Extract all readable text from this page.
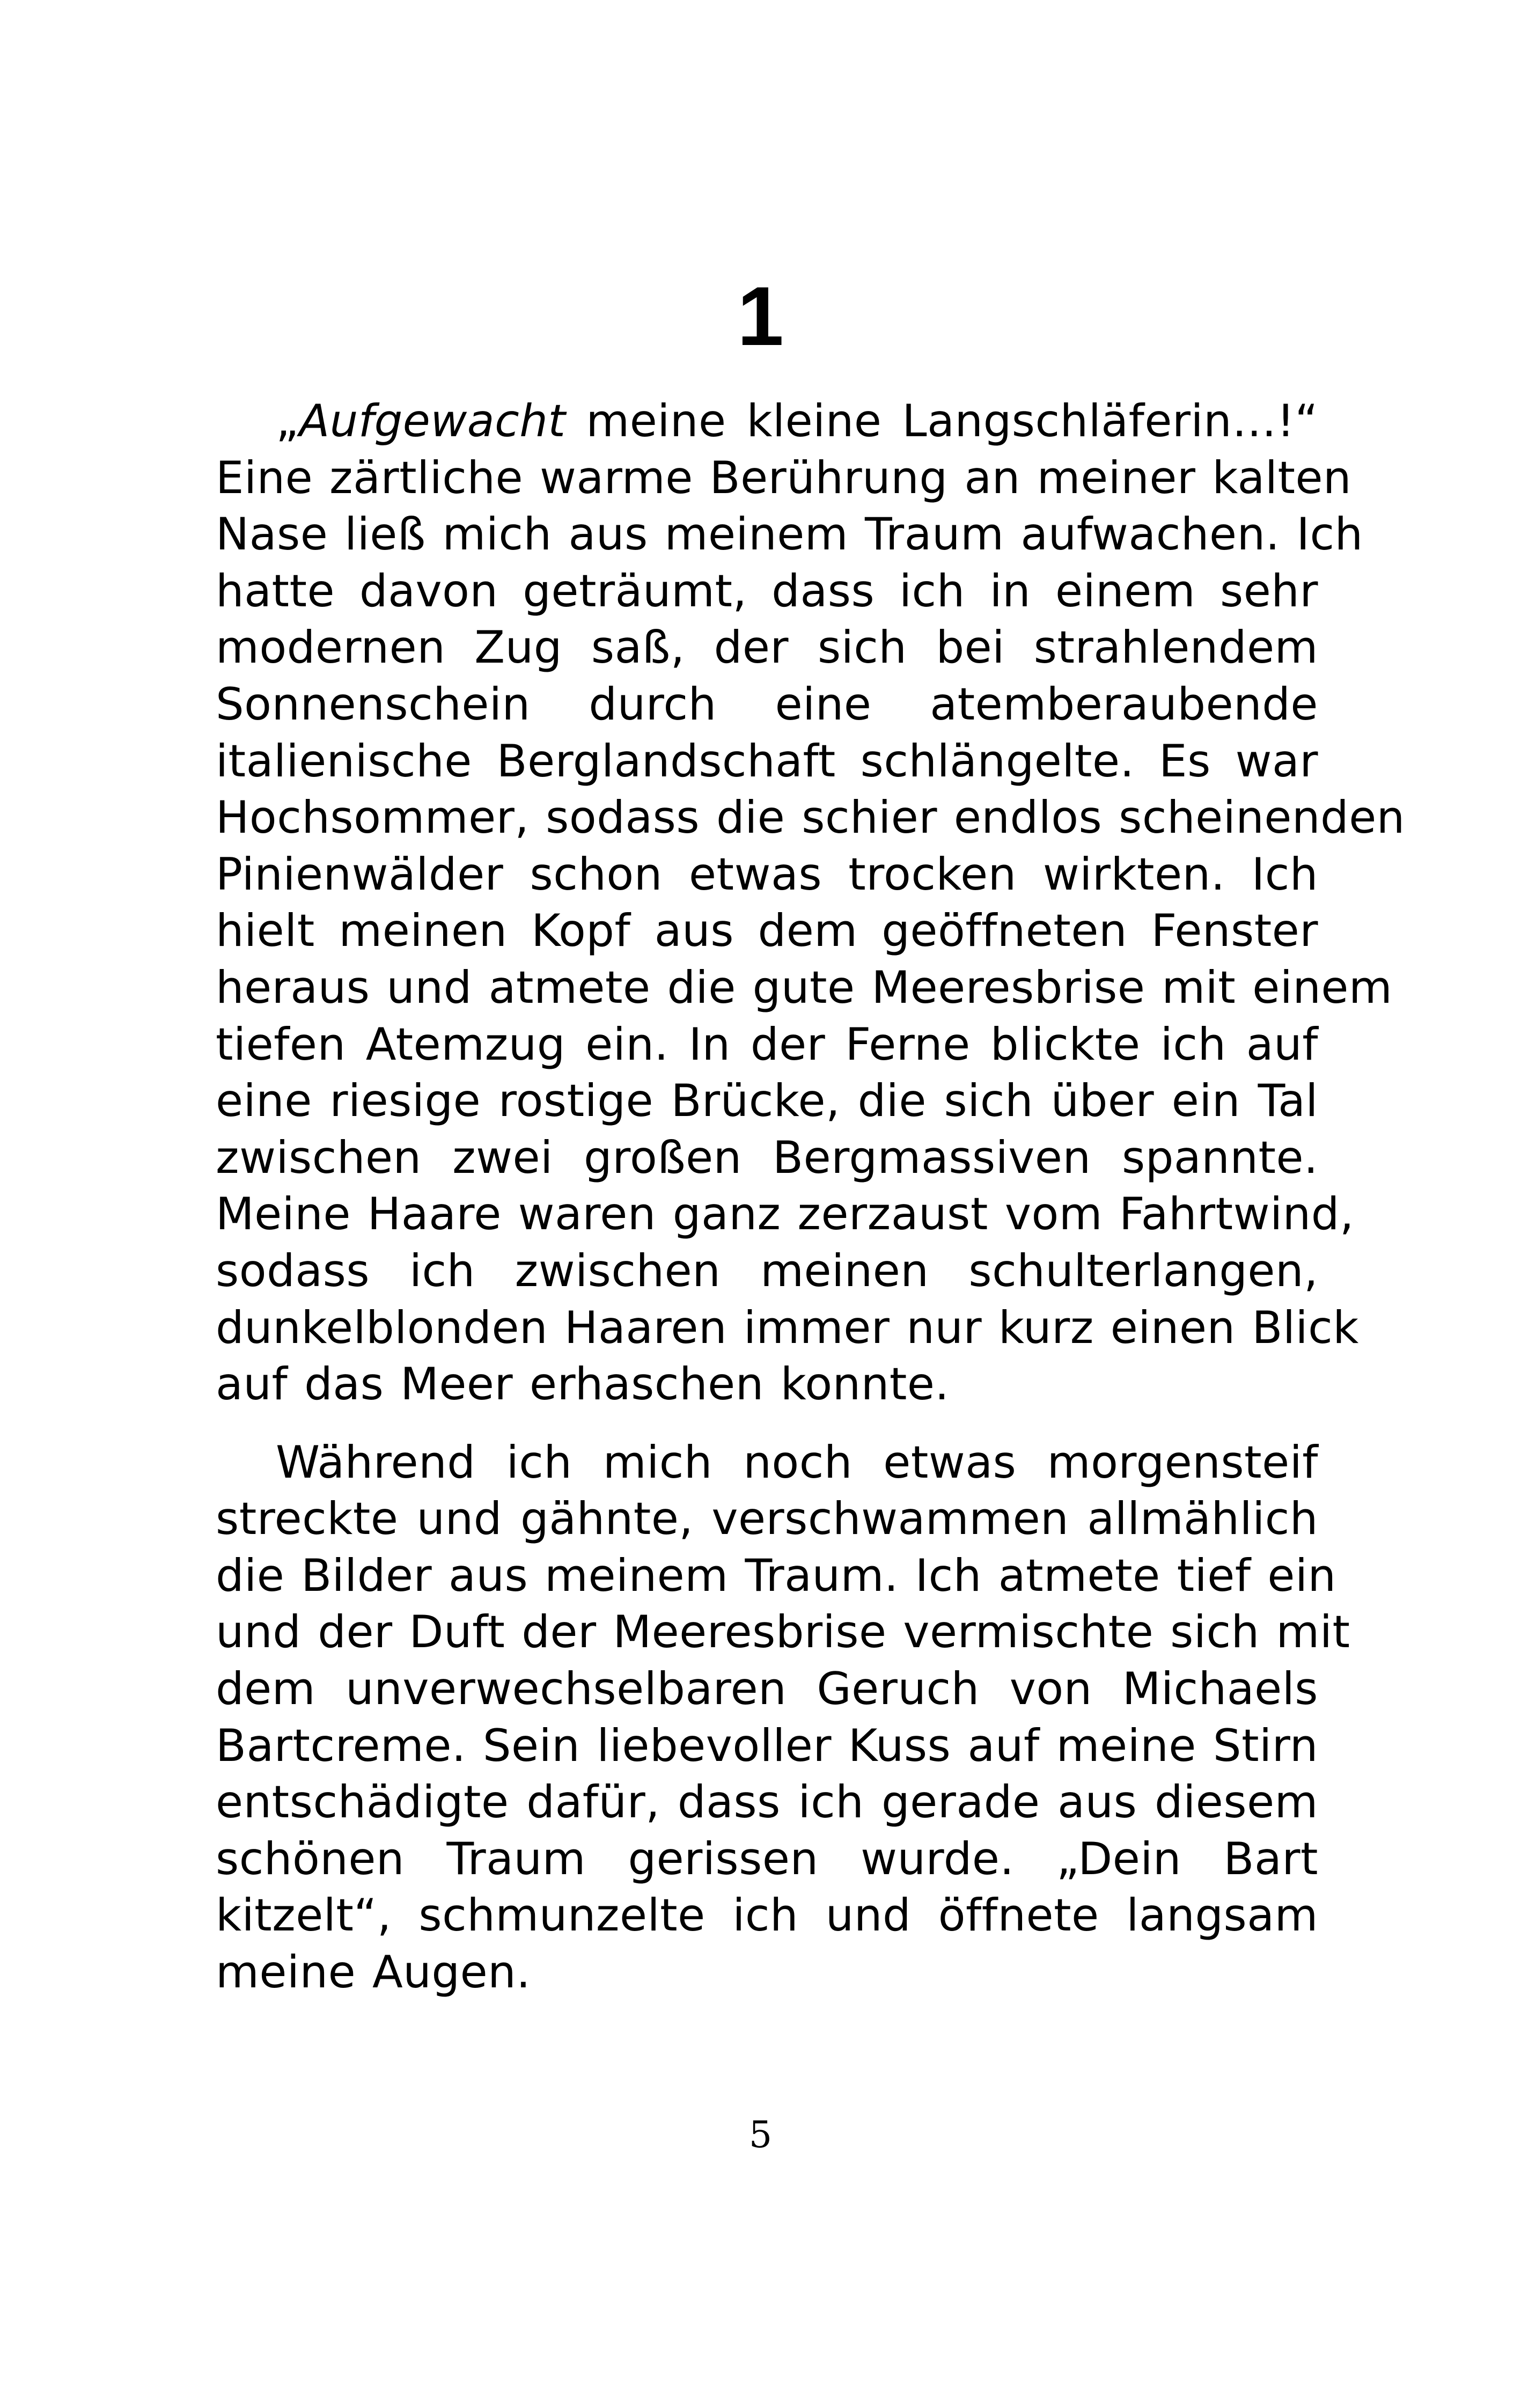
1

„Aufgewacht meine kleine Langschläferin…!“
Eine zärtliche warme Berührung an meiner kalten
Nase ließ mich aus meinem Traum aufwachen. Ich
hatte davon geträumt, dass ich in einem sehr
modernen Zug saß, der sich bei strahlendem
Sonnenschein durch eine atemberaubende
italienische Berglandschaft schlängelte. Es war
Hochsommer, sodass die schier endlos scheinenden
Pinienwälder schon etwas trocken wirkten. Ich
hielt meinen Kopf aus dem geöffneten Fenster
heraus und atmete die gute Meeresbrise mit einem
tiefen Atemzug ein. In der Ferne blickte ich auf
eine riesige rostige Brücke, die sich über ein Tal
zwischen zwei großen Bergmassiven spannte.
Meine Haare waren ganz zerzaust vom Fahrtwind,
sodass ich zwischen meinen schulterlangen,
dunkelblonden Haaren immer nur kurz einen Blick
auf das Meer erhaschen konnte.

Während ich mich noch etwas morgensteif
streckte und gähnte, verschwammen allmählich
die Bilder aus meinem Traum. Ich atmete tief ein
und der Duft der Meeresbrise vermischte sich mit
dem unverwechselbaren Geruch von Michaels
Bartcreme. Sein liebevoller Kuss auf meine Stirn
entschädigte dafür, dass ich gerade aus diesem
schönen Traum gerissen wurde. „Dein Bart
kitzelt“, schmunzelte ich und öffnete langsam
meine Augen.

5
